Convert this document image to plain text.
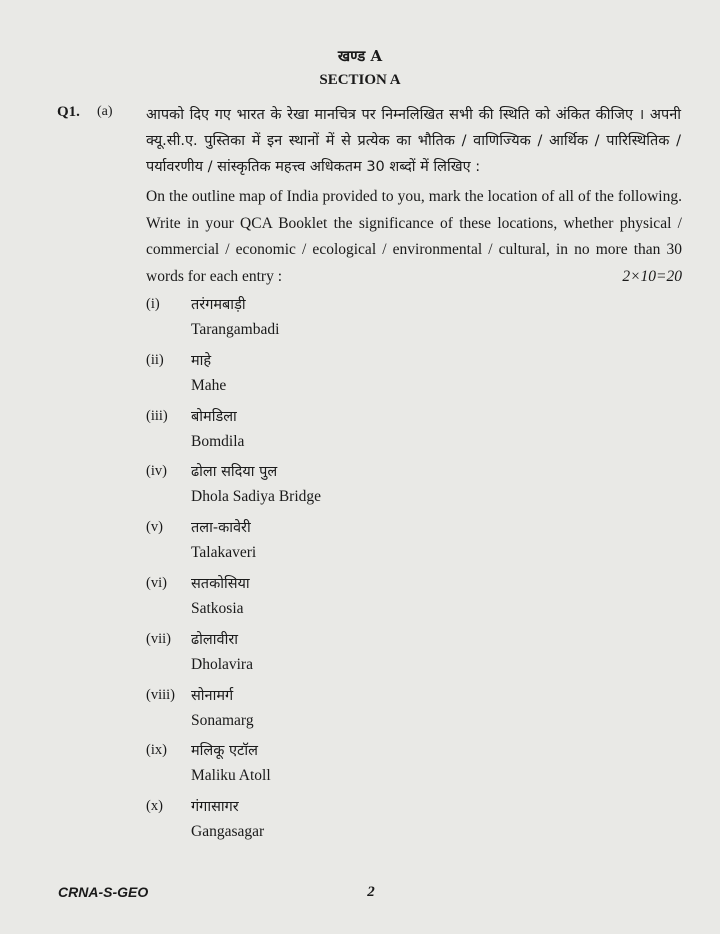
खण्ड A
SECTION A
Q1. (a) आपको दिए गए भारत के रेखा मानचित्र पर निम्नलिखित सभी की स्थिति को अंकित कीजिए । अपनी क्यू.सी.ए. पुस्तिका में इन स्थानों में से प्रत्येक का भौतिक / वाणिज्यिक / आर्थिक / पारिस्थितिक / पर्यावरणीय / सांस्कृतिक महत्त्व अधिकतम 30 शब्दों में लिखिए :
On the outline map of India provided to you, mark the location of all of the following. Write in your QCA Booklet the significance of these locations, whether physical / commercial / economic / ecological / environmental / cultural, in no more than 30 words for each entry :	2×10=20
(i) तरंगमबाड़ी
Tarangambadi
(ii) माहे
Mahe
(iii) बोमडिला
Bomdila
(iv) ढोला सदिया पुल
Dhola Sadiya Bridge
(v) तला-कावेरी
Talakaveri
(vi) सतकोसिया
Satkosia
(vii) ढोलावीरा
Dholavira
(viii) सोनामर्ग
Sonamarg
(ix) मलिकू एटॉल
Maliku Atoll
(x) गंगासागर
Gangasagar
CRNA-S-GEO	2
